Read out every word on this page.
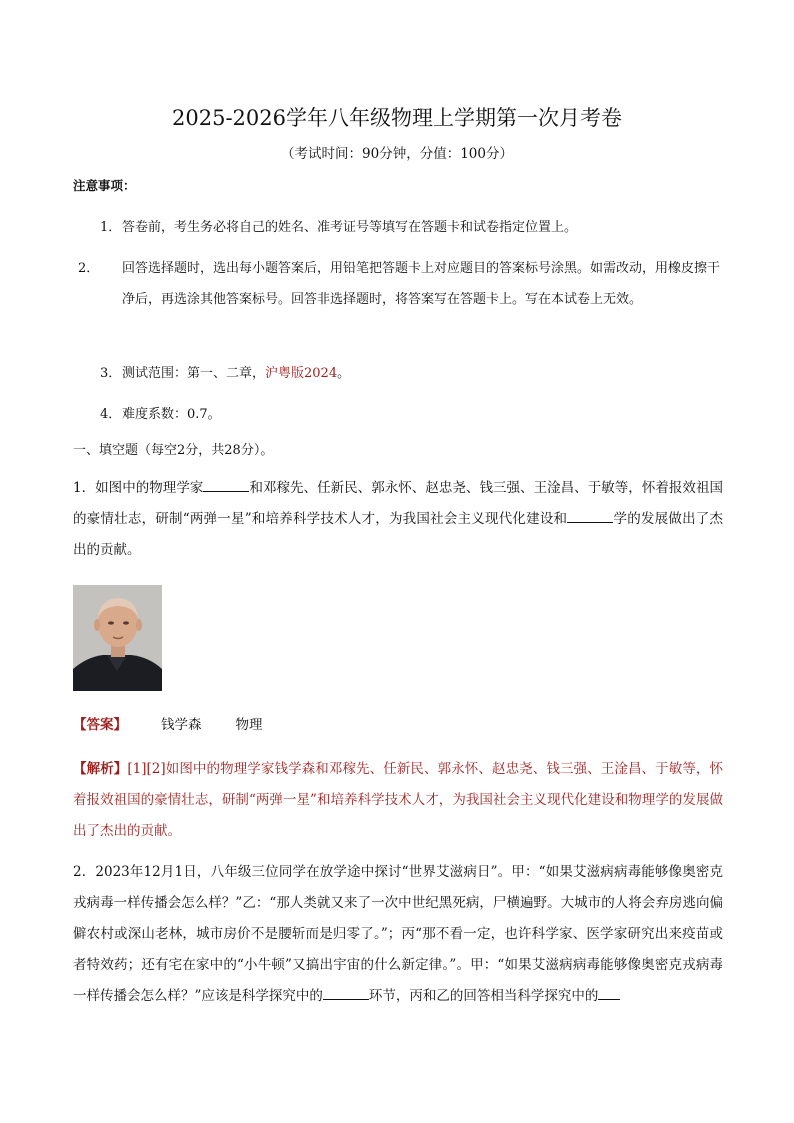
2025-2026学年八年级物理上学期第一次月考卷
（考试时间：90分钟，分值：100分）
注意事项：
1．答卷前，考生务必将自己的姓名、准考证号等填写在答题卡和试卷指定位置上。
2． 回答选择题时，选出每小题答案后，用铅笔把答题卡上对应题目的答案标号涂黑。如需改动，用橡皮擦干净后，再选涂其他答案标号。回答非选择题时，将答案写在答题卡上。写在本试卷上无效。
3．测试范围：第一、二章，沪粤版2024。
4．难度系数：0.7。
一、填空题（每空2分，共28分）。
1．如图中的物理学家	和邓稼先、任新民、郭永怀、赵忠尧、钱三强、王淦昌、于敏等，怀着报效祖国的豪情壮志，研制“两弹一星”和培养科学技术人才，为我国社会主义现代化建设和	学的发展做出了杰出的贡献。
【答案】	钱学森	物理
【解析】[1][2]如图中的物理学家钱学森和邓稼先、任新民、郭永怀、赵忠尧、钱三强、王淦昌、于敏等，怀着报效祖国的豪情壮志，研制“两弹一星”和培养科学技术人才，为我国社会主义现代化建设和物理学的发展做出了杰出的贡献。
2．2023年12月1日，八年级三位同学在放学途中探讨“世界艾滋病日”。甲：“如果艾滋病病毒能够像奥密克戎病毒一样传播会怎么样？”乙：“那人类就又来了一次中世纪黑死病，尸横遍野。大城市的人将会弃房逃向偏僻农村或深山老林，城市房价不是腰斩而是归零了。”；丙“那不看一定，也许科学家、医学家研究出来疫苗或者特效药；还有宅在家中的“小牛顿”又搞出宇宙的什么新定律。”。甲：“如果艾滋病病毒能够像奥密克戎病毒一样传播会怎么样？”应该是科学探究中的	环节，丙和乙的回答相当科学探究中的
